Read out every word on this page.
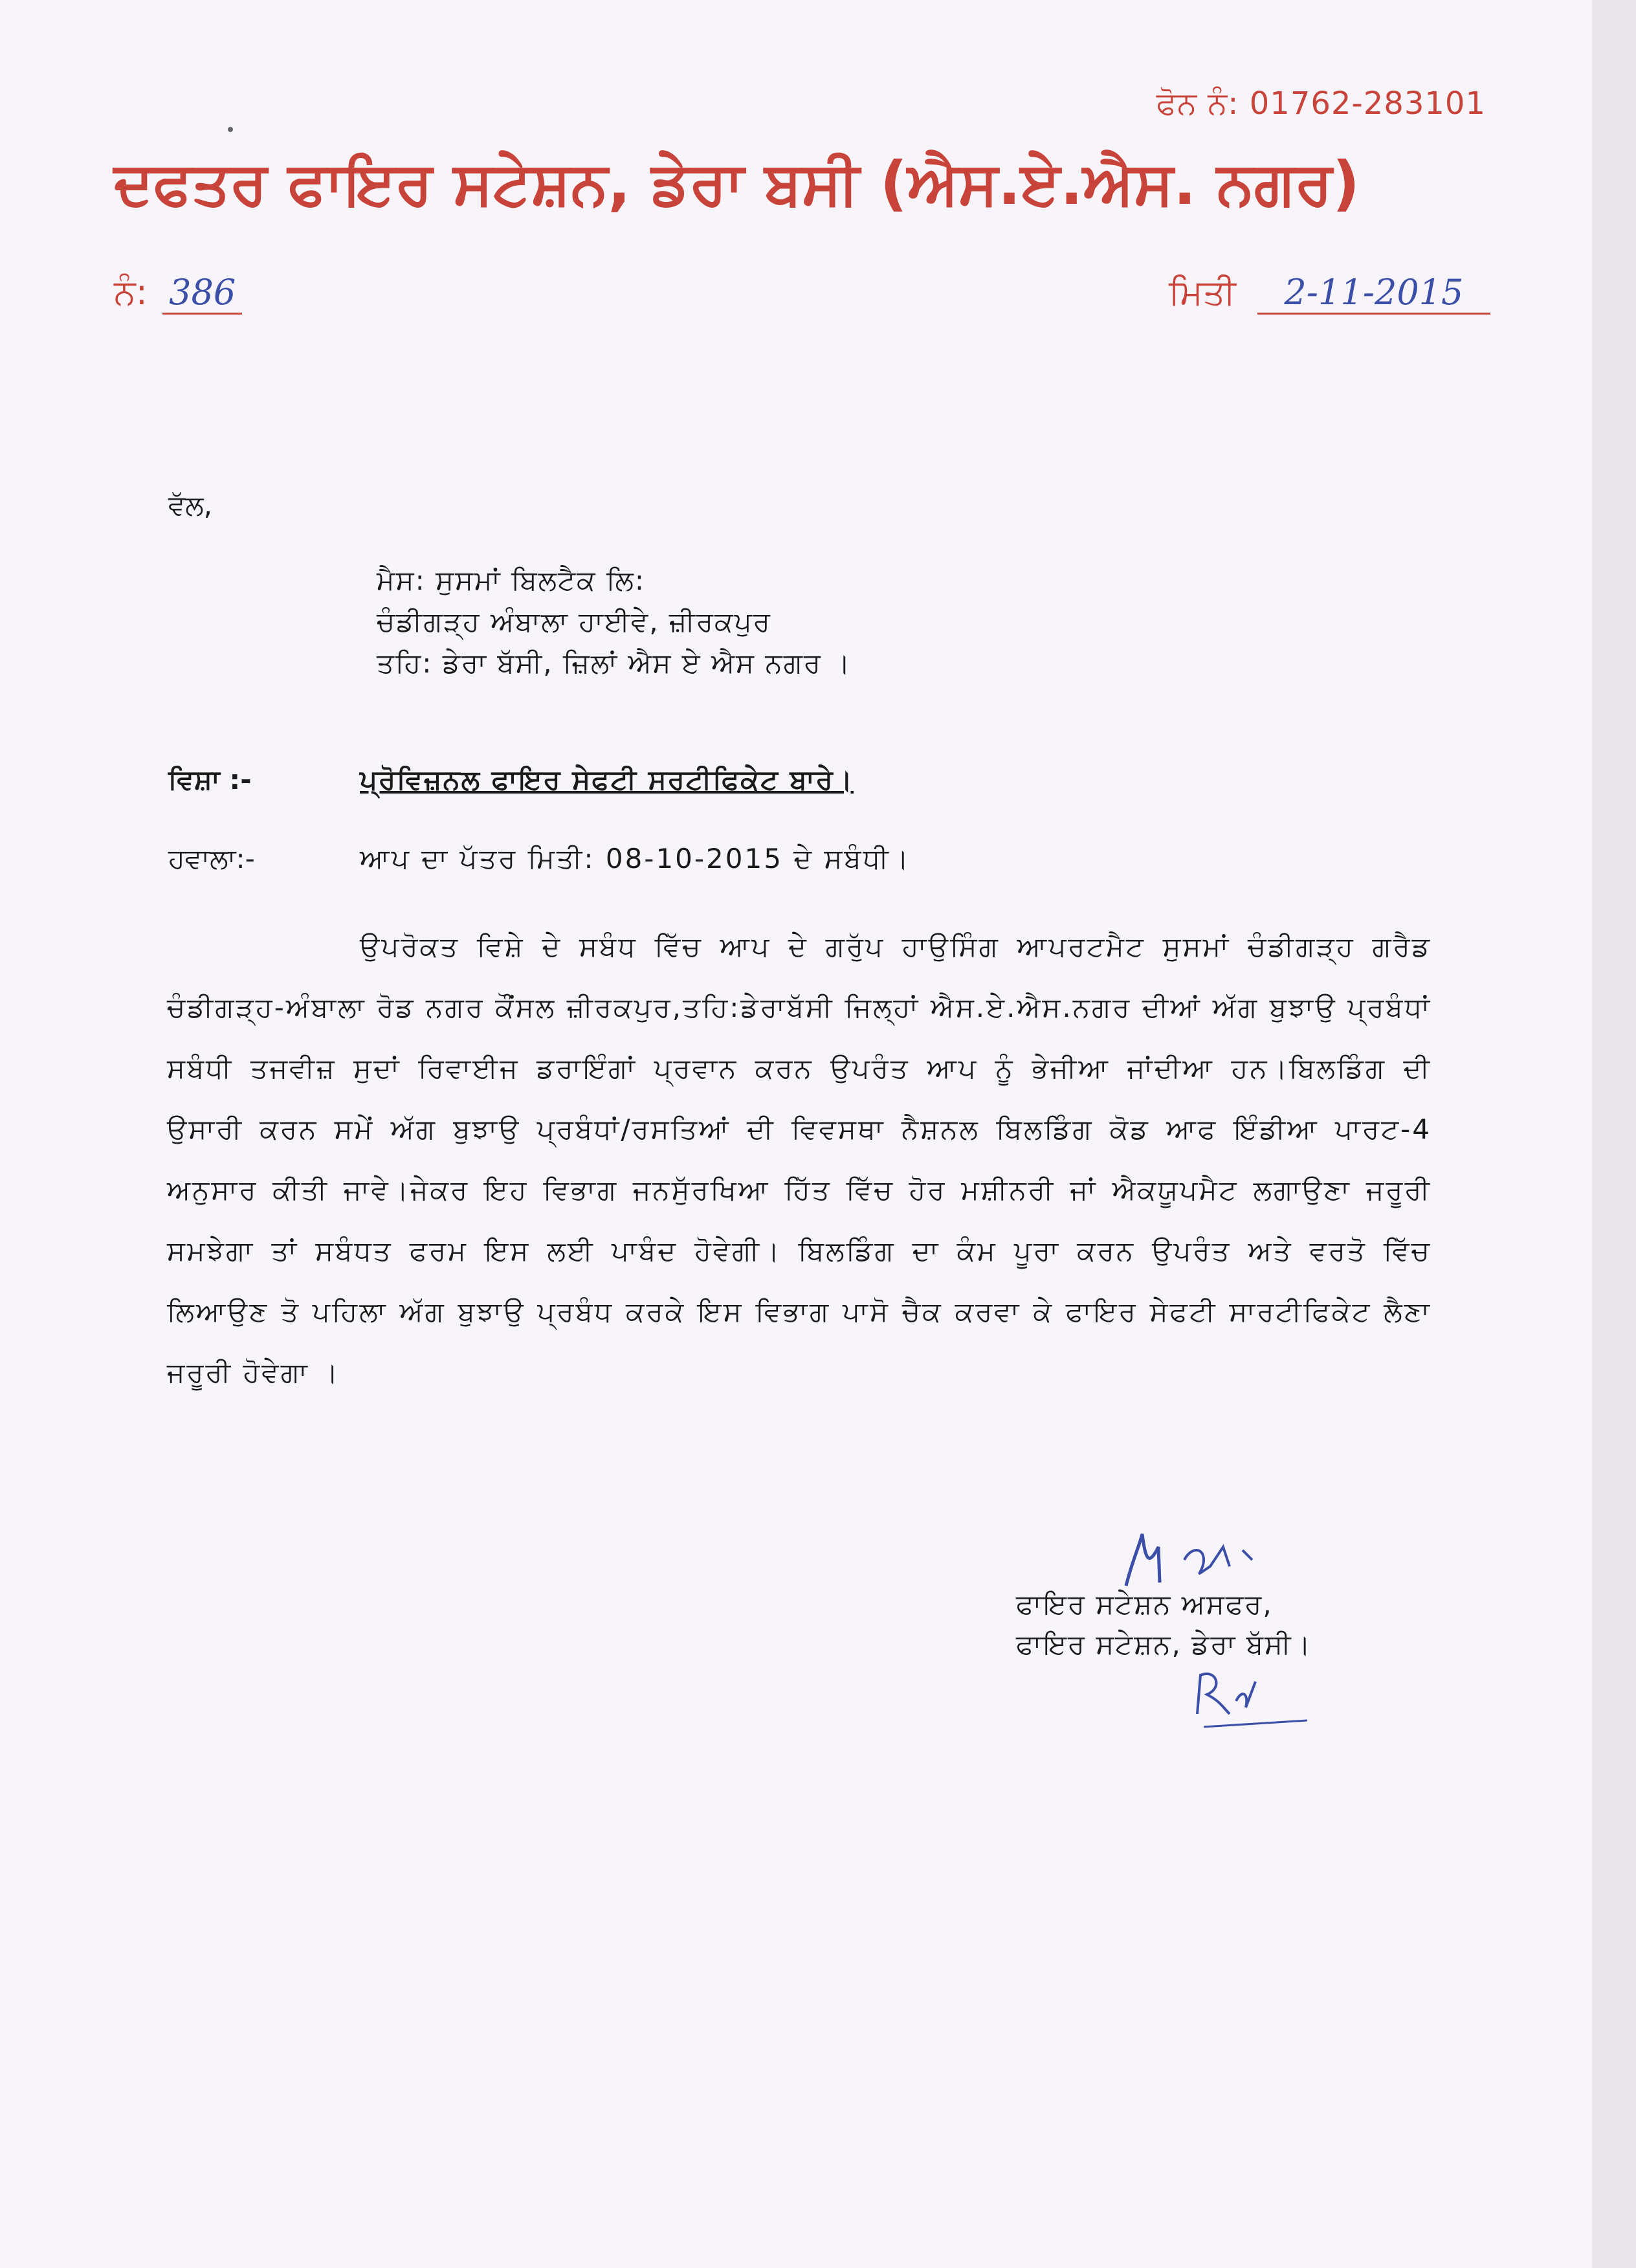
ਫੋਨ ਨੰ: 01762-283101
ਦਫਤਰ ਫਾਇਰ ਸਟੇਸ਼ਨ, ਡੇਰਾ ਬਸੀ (ਐਸ.ਏ.ਐਸ. ਨਗਰ)
ਨੰ: 386	ਮਿਤੀ 2-11-2015
ਵੱਲ,
ਮੈਸ: ਸੁਸਮਾਂ ਬਿਲਟੈਕ ਲਿ:
ਚੰਡੀਗੜ੍ਹ ਅੰਬਾਲਾ ਹਾਈਵੇ, ਜ਼ੀਰਕਪੁਰ
ਤਹਿ: ਡੇਰਾ ਬੱਸੀ, ਜ਼ਿਲਾਂ ਐਸ ਏ ਐਸ ਨਗਰ ।
ਵਿਸ਼ਾ :-	ਪ੍ਰੋਵਿਜ਼ਨਲ ਫਾਇਰ ਸੇਫਟੀ ਸਰਟੀਫਿਕੇਟ ਬਾਰੇ।
ਹਵਾਲਾ:-	ਆਪ ਦਾ ਪੱਤਰ ਮਿਤੀ: 08-10-2015 ਦੇ ਸਬੰਧੀ।
ਉਪਰੋਕਤ ਵਿਸ਼ੇ ਦੇ ਸਬੰਧ ਵਿੱਚ ਆਪ ਦੇ ਗਰੁੱਪ ਹਾਉਸਿੰਗ ਆਪਰਟਮੈਟ ਸੁਸਮਾਂ ਚੰਡੀਗੜ੍ਹ ਗਰੈਡ ਚੰਡੀਗੜ੍ਹ-ਅੰਬਾਲਾ ਰੋਡ ਨਗਰ ਕੌਂਸਲ ਜ਼ੀਰਕਪੁਰ,ਤਹਿ:ਡੇਰਾਬੱਸੀ ਜਿਲ੍ਹਾਂ ਐਸ.ਏ.ਐਸ.ਨਗਰ ਦੀਆਂ ਅੱਗ ਬੁਝਾਉ ਪ੍ਰਬੰਧਾਂ ਸਬੰਧੀ ਤਜਵੀਜ਼ ਸੁਦਾਂ ਰਿਵਾਈਜ ਡਰਾਇੰਗਾਂ ਪ੍ਰਵਾਨ ਕਰਨ ਉਪਰੰਤ ਆਪ ਨੂੰ ਭੇਜੀਆ ਜਾਂਦੀਆ ਹਨ।ਬਿਲਡਿੰਗ ਦੀ ਉਸਾਰੀ ਕਰਨ ਸਮੇਂ ਅੱਗ ਬੁਝਾਉ ਪ੍ਰਬੰਧਾਂ/ਰਸਤਿਆਂ ਦੀ ਵਿਵਸਥਾ ਨੈਸ਼ਨਲ ਬਿਲਡਿੰਗ ਕੋਡ ਆਫ ਇੰਡੀਆ ਪਾਰਟ-4 ਅਨੁਸਾਰ ਕੀਤੀ ਜਾਵੇ।ਜੇਕਰ ਇਹ ਵਿਭਾਗ ਜਨਸੁੱਰਖਿਆ ਹਿੱਤ ਵਿੱਚ ਹੋਰ ਮਸ਼ੀਨਰੀ ਜਾਂ ਐਕਯੂਪਮੈਟ ਲਗਾਉਣਾ ਜਰੂਰੀ ਸਮਝੇਗਾ ਤਾਂ ਸਬੰਧਤ ਫਰਮ ਇਸ ਲਈ ਪਾਬੰਦ ਹੋਵੇਗੀ। ਬਿਲਡਿੰਗ ਦਾ ਕੰਮ ਪੂਰਾ ਕਰਨ ਉਪਰੰਤ ਅਤੇ ਵਰਤੋ ਵਿੱਚ ਲਿਆਉਣ ਤੋ ਪਹਿਲਾ ਅੱਗ ਬੁਝਾਉ ਪ੍ਰਬੰਧ ਕਰਕੇ ਇਸ ਵਿਭਾਗ ਪਾਸੋ ਚੈਕ ਕਰਵਾ ਕੇ ਫਾਇਰ ਸੇਫਟੀ ਸਾਰਟੀਫਿਕੇਟ ਲੈਣਾ ਜਰੂਰੀ ਹੋਵੇਗਾ ।
ਫਾਇਰ ਸਟੇਸ਼ਨ ਅਸਫਰ,
ਫਾਇਰ ਸਟੇਸ਼ਨ, ਡੇਰਾ ਬੱਸੀ।
